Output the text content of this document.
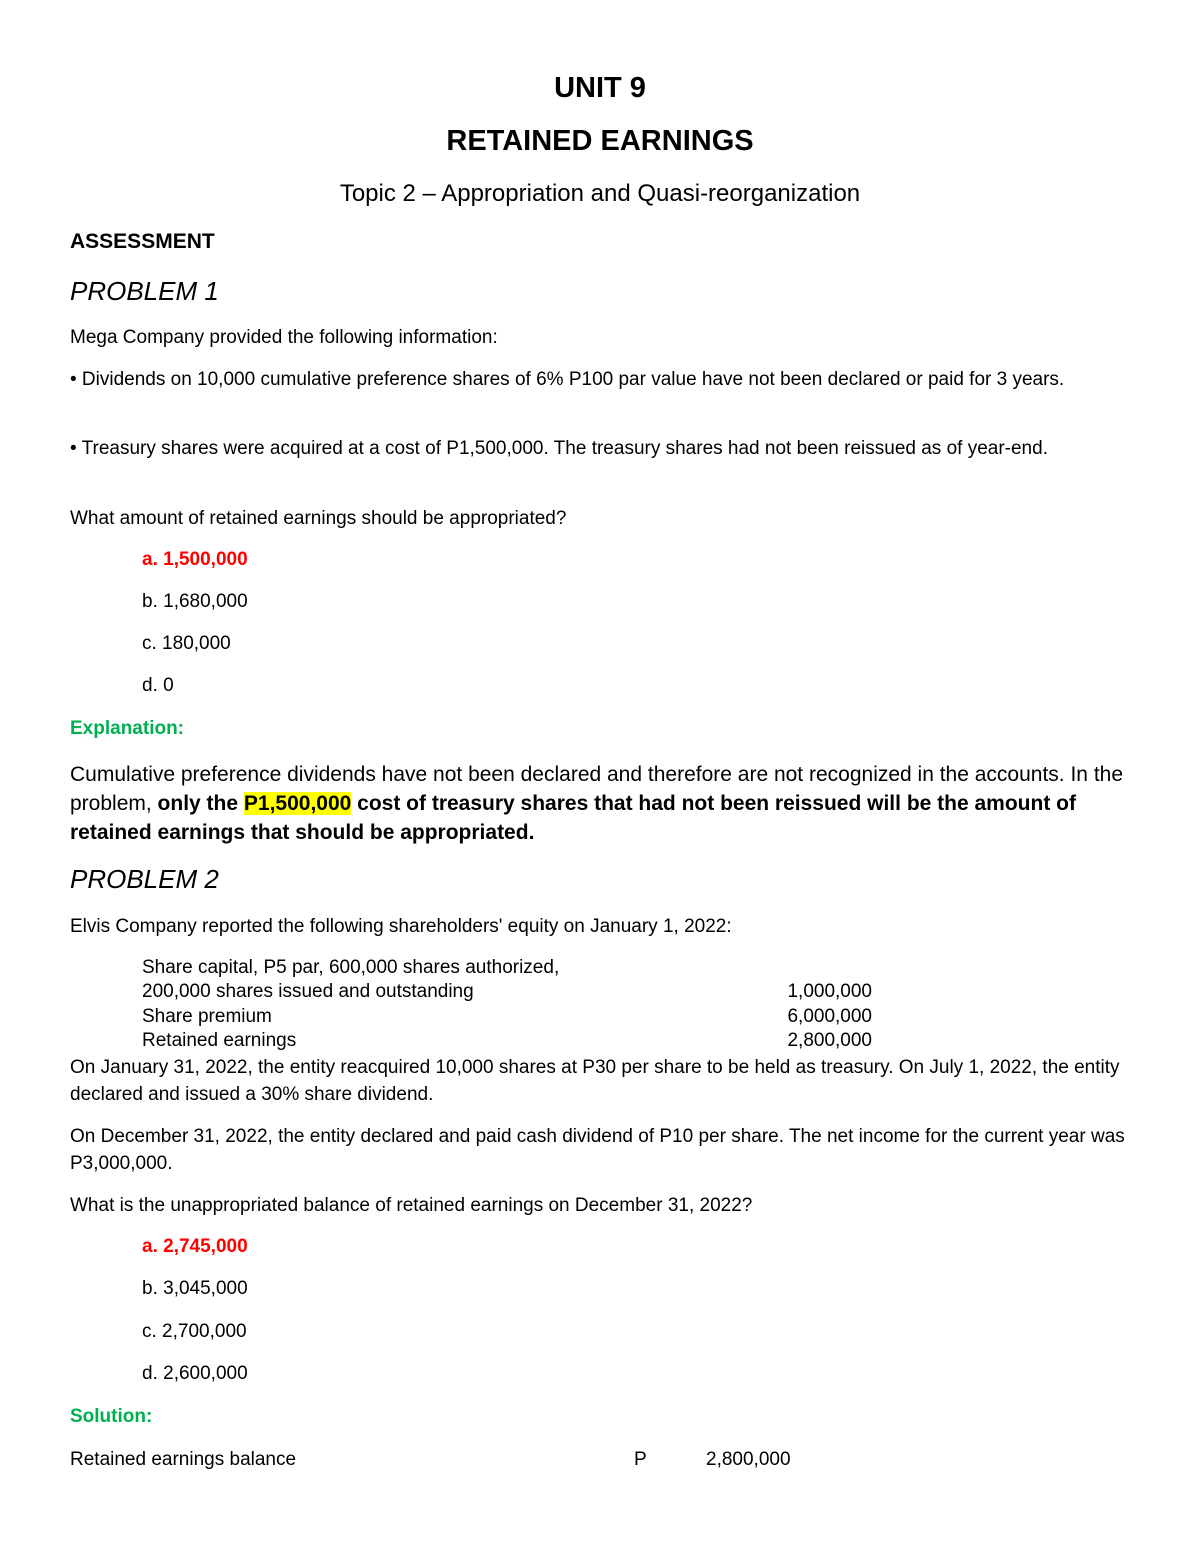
UNIT 9

RETAINED EARNINGS

Topic 2 – Appropriation and Quasi-reorganization

ASSESSMENT

PROBLEM 1

Mega Company provided the following information:

• Dividends on 10,000 cumulative preference shares of 6% P100 par value have not been declared or paid for 3 years.

• Treasury shares were acquired at a cost of P1,500,000. The treasury shares had not been reissued as of year-end.

What amount of retained earnings should be appropriated?

a. 1,500,000

b. 1,680,000

c. 180,000

d. 0

Explanation:

Cumulative preference dividends have not been declared and therefore are not recognized in the accounts. In the problem, only the P1,500,000 cost of treasury shares that had not been reissued will be the amount of retained earnings that should be appropriated.

PROBLEM 2

Elvis Company reported the following shareholders' equity on January 1, 2022:

Share capital, P5 par, 600,000 shares authorized,

200,000 shares issued and outstanding	1,000,000

Share premium	6,000,000

Retained earnings	2,800,000

On January 31, 2022, the entity reacquired 10,000 shares at P30 per share to be held as treasury. On July 1, 2022, the entity declared and issued a 30% share dividend.

On December 31, 2022, the entity declared and paid cash dividend of P10 per share. The net income for the current year was P3,000,000.

What is the unappropriated balance of retained earnings on December 31, 2022?

a. 2,745,000

b. 3,045,000

c. 2,700,000

d. 2,600,000

Solution:

Retained earnings balance	P	2,800,000
